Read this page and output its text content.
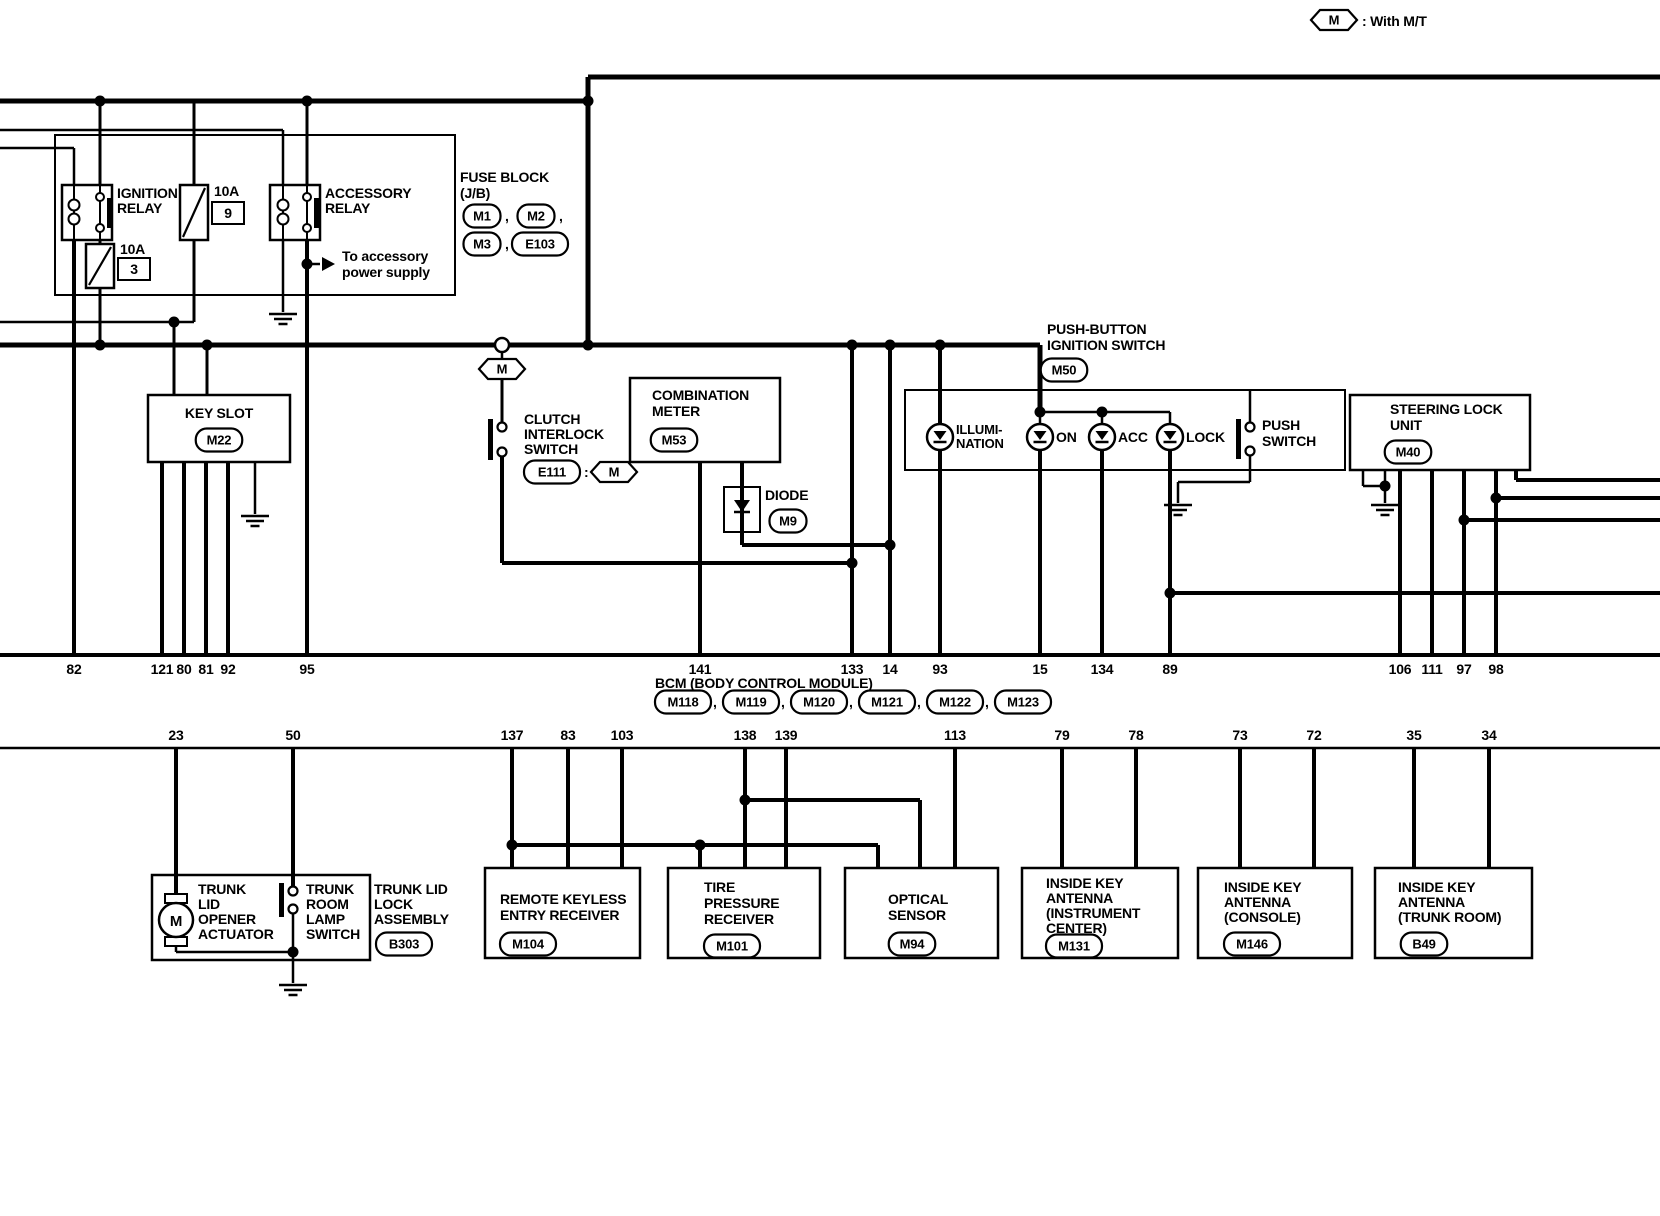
M
M
M
M
M1	M2
M3	E103
M22
E111
M53
M9
M50
M40
M118	M119	M120	M121	M122	M123
B303	M104	M101	M94	M131	M146	B49
: With M/T
FUSE BLOCK
(J/B)
,	,
,
IGNITION
RELAY
10A
9
10A
3
ACCESSORY
RELAY
To accessory
power supply
KEY SLOT	CLUTCH
INTERLOCK
SWITCH
:
COMBINATION
METER
DIODE
PUSH-BUTTON
IGNITION SWITCH
ILLUMI-
NATION	ON	ACC	LOCK
PUSH
SWITCH
STEERING LOCK
UNIT
BCM (BODY CONTROL MODULE)
,	,	,	,	,
TRUNK
LID
OPENER
ACTUATOR
TRUNK
ROOM
LAMP
SWITCH
TRUNK LID
LOCK
ASSEMBLY
REMOTE KEYLESS
ENTRY RECEIVER
TIRE
PRESSURE
RECEIVER
OPTICAL
SENSOR
INSIDE KEY
ANTENNA
(INSTRUMENT
CENTER)
INSIDE KEY
ANTENNA
(CONSOLE)
INSIDE KEY
ANTENNA
(TRUNK ROOM)
82	121 80 81 92	95	141	133 14 93	15	134	89	106 111 97 98
23	50	137	83	103	138 139	113	79	78	73	72	35	34
